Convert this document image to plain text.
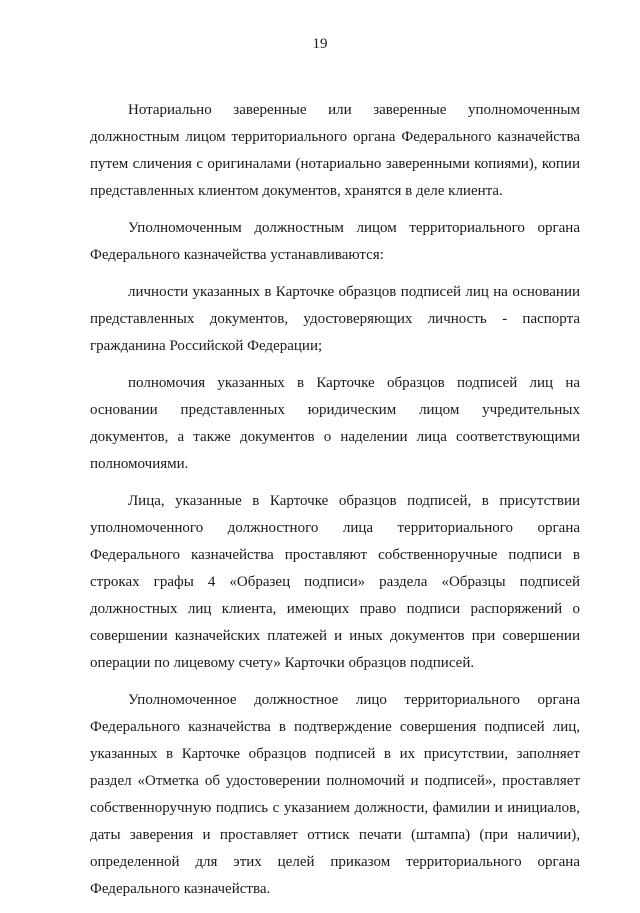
19

Нотариально заверенные или заверенные уполномоченным должностным лицом территориального органа Федерального казначейства путем сличения с оригиналами (нотариально заверенными копиями), копии представленных клиентом документов, хранятся в деле клиента.

Уполномоченным должностным лицом территориального органа Федерального казначейства устанавливаются:

личности указанных в Карточке образцов подписей лиц на основании представленных документов, удостоверяющих личность - паспорта гражданина Российской Федерации;

полномочия указанных в Карточке образцов подписей лиц на основании представленных юридическим лицом учредительных документов, а также документов о наделении лица соответствующими полномочиями.

Лица, указанные в Карточке образцов подписей, в присутствии уполномоченного должностного лица территориального органа Федерального казначейства проставляют собственноручные подписи в строках графы 4 «Образец подписи» раздела «Образцы подписей должностных лиц клиента, имеющих право подписи распоряжений о совершении казначейских платежей и иных документов при совершении операции по лицевому счету» Карточки образцов подписей.

Уполномоченное должностное лицо территориального органа Федерального казначейства в подтверждение совершения подписей лиц, указанных в Карточке образцов подписей в их присутствии, заполняет раздел «Отметка об удостоверении полномочий и подписей», проставляет собственноручную подпись с указанием должности, фамилии и инициалов, даты заверения и проставляет оттиск печати (штампа) (при наличии), определенной для этих целей приказом территориального органа Федерального казначейства.
